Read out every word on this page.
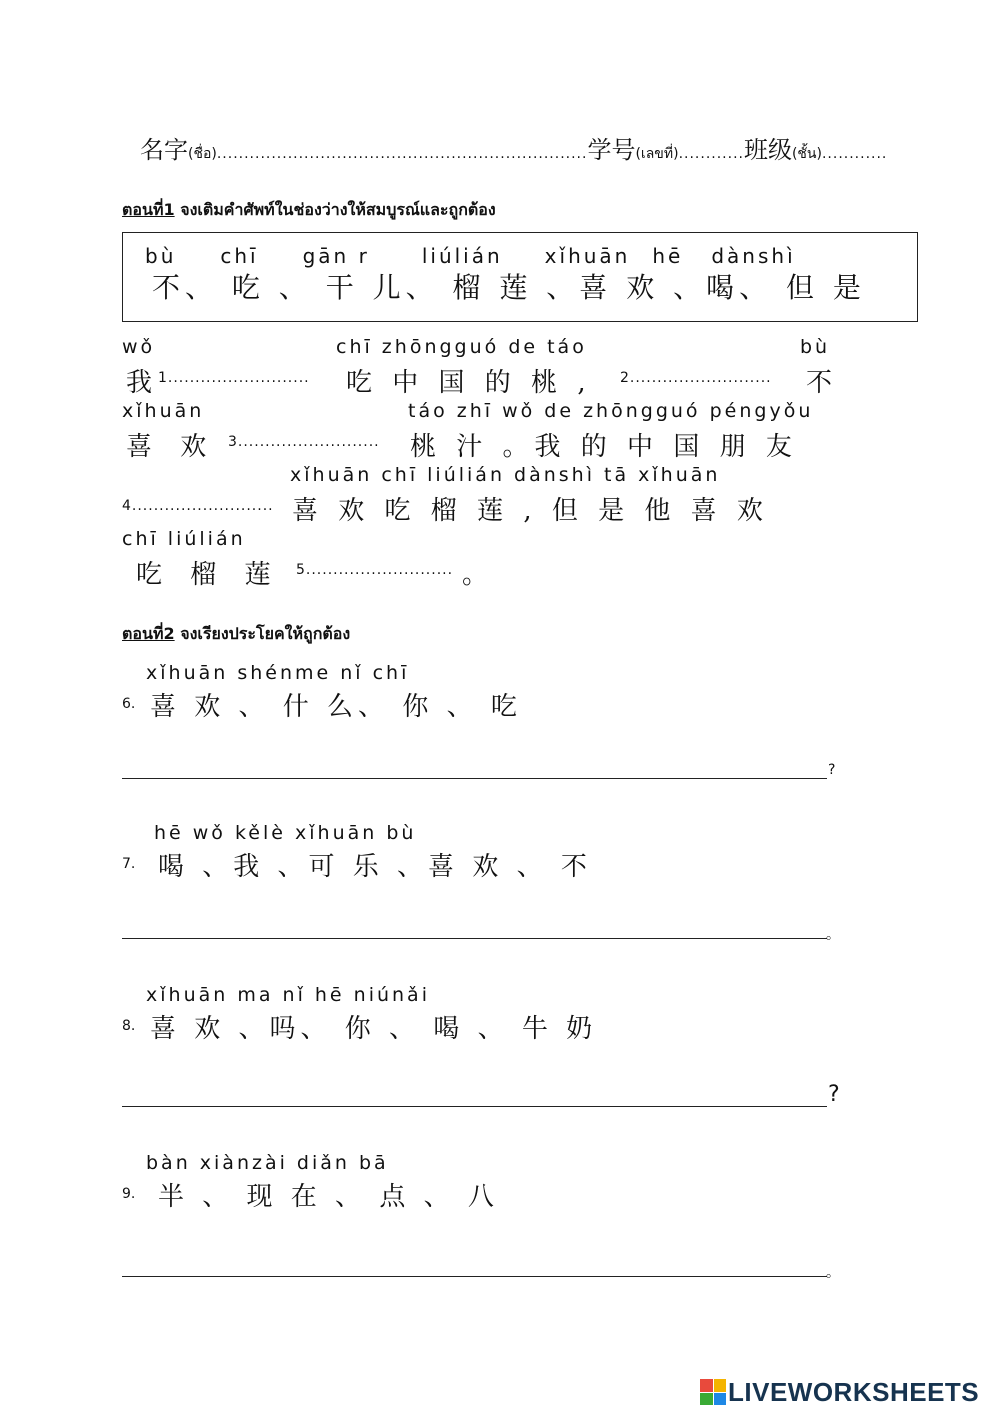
名字(ชื่อ)....................................................................学号(เลขที่)............班级(ชั้น)............
ตอนที่1 จงเติมคำศัพท์ในช่องว่างให้สมบูรณ์และถูกต้อง
bù chī gān r	liúlián xǐhuān hē dànshì
不、 吃 、 干 儿、 榴 莲 、喜 欢 、喝、 但 是
wǒ	chī zhōngguó de táo	bù
我 1.......................... 吃 中 国 的 桃 , 2.......................... 不
xǐhuān	táo zhī wǒ de zhōngguó péngyǒu
喜 欢 3.......................... 桃 汁 。我 的 中 国 朋 友
xǐhuān chī liúlián dànshì tā xǐhuān
4.......................... 喜 欢 吃 榴 莲 , 但 是 他 喜 欢
chī liúlián
吃 榴 莲 5........................... 。
ตอนที่2 จงเรียงประโยคให้ถูกต้อง
xǐhuān shénme nǐ chī
6. 喜 欢 、 什 么、 你 、 吃
?
hē wǒ kělè xǐhuān bù
7. 喝 、我 、可 乐 、喜 欢 、 不
。
xǐhuān ma nǐ hē niúnǎi
8. 喜 欢 、吗、 你 、 喝 、 牛 奶
?
bàn xiànzài diǎn bā
9. 半 、 现 在 、 点 、 八
。
LIVEWORKSHEETS
